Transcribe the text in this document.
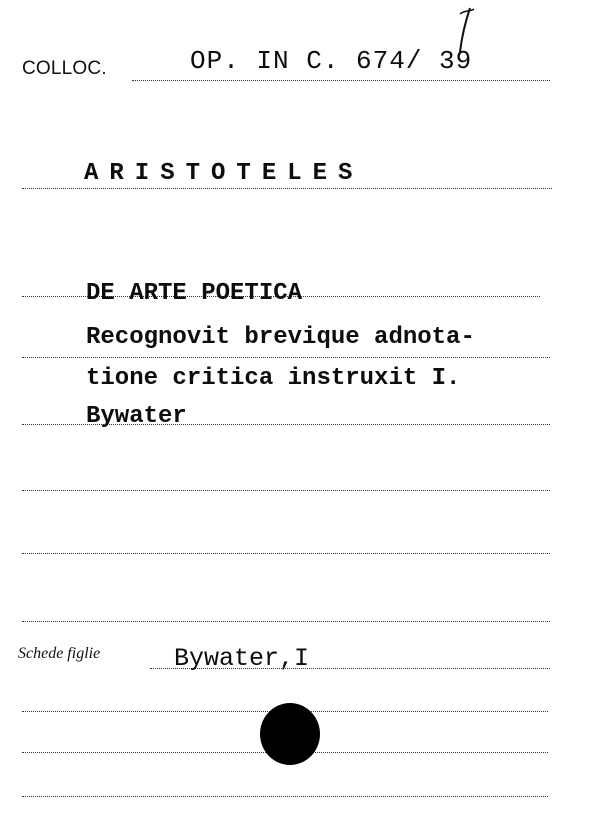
COLLOC.	OP. IN C. 674/ 39
ARISTOTELES
DE ARTE POETICA
Recognovit brevique adnota-
tione critica instruxit I.
Bywater
Schede figlie	Bywater,I
